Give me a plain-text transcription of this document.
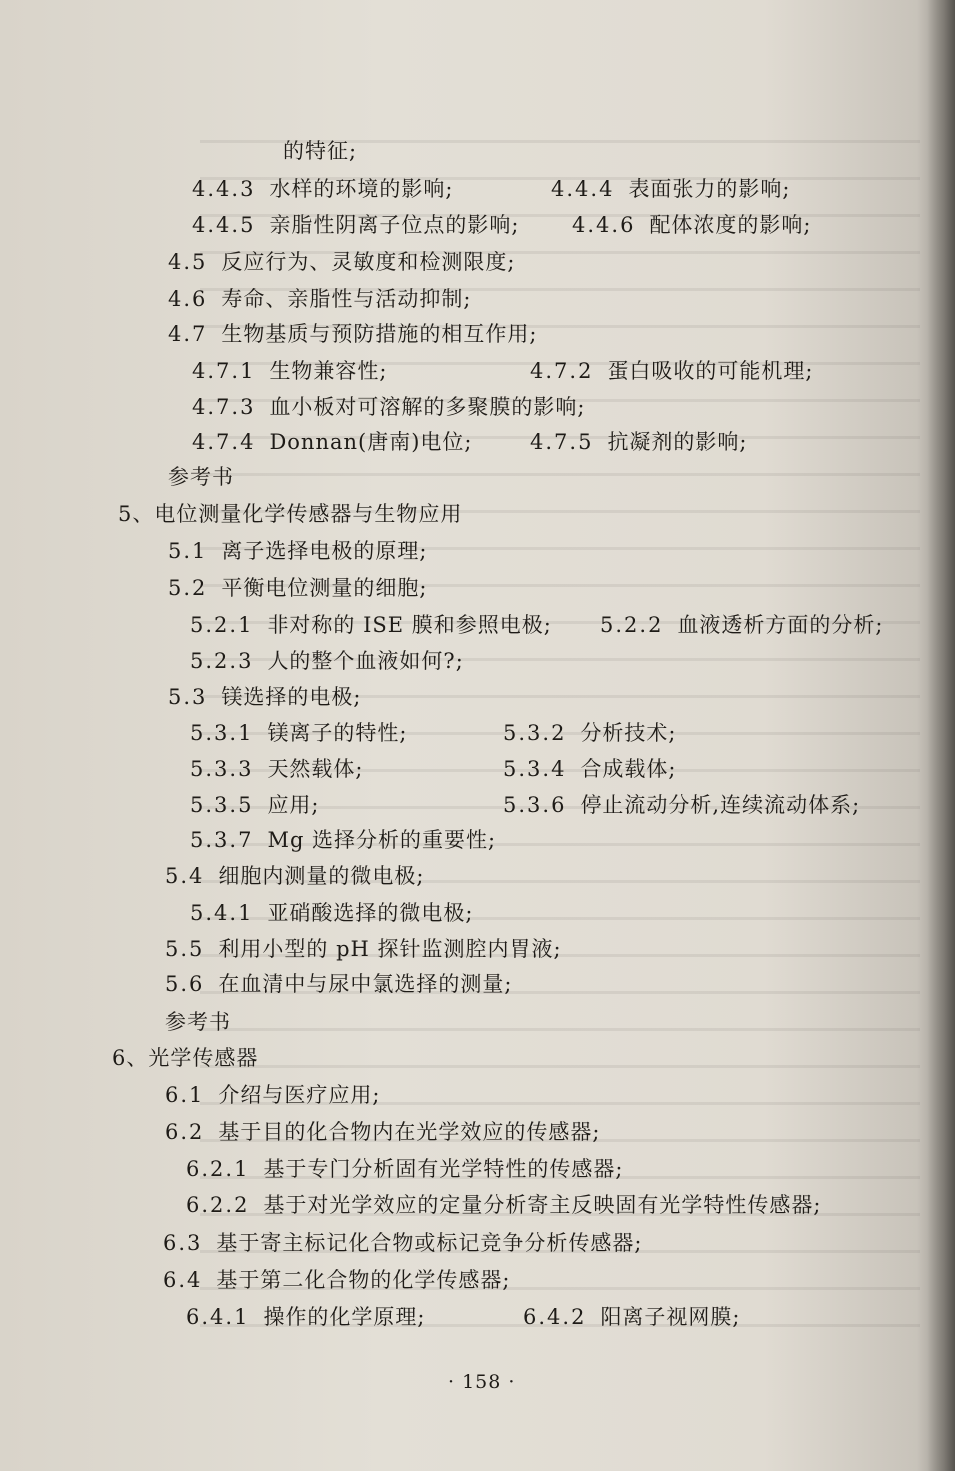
的特征;
4.4.3 水样的环境的影响;	4.4.4 表面张力的影响;
4.4.5 亲脂性阴离子位点的影响; 4.4.6 配体浓度的影响;
4.5 反应行为、灵敏度和检测限度;
4.6 寿命、亲脂性与活动抑制;
4.7 生物基质与预防措施的相互作用;
4.7.1 生物兼容性;	4.7.2 蛋白吸收的可能机理;
4.7.3 血小板对可溶解的多聚膜的影响;
4.7.4 Donnan(唐南)电位;	4.7.5 抗凝剂的影响;
参考书
5、电位测量化学传感器与生物应用
5.1 离子选择电极的原理;
5.2 平衡电位测量的细胞;
5.2.1 非对称的 ISE 膜和参照电极; 5.2.2 血液透析方面的分析;
5.2.3 人的整个血液如何?;
5.3 镁选择的电极;
5.3.1 镁离子的特性;	5.3.2 分析技术;
5.3.3 天然载体;	5.3.4 合成载体;
5.3.5 应用;	5.3.6 停止流动分析,连续流动体系;
5.3.7 Mg 选择分析的重要性;
5.4 细胞内测量的微电极;
5.4.1 亚硝酸选择的微电极;
5.5 利用小型的 pH 探针监测腔内胃液;
5.6 在血清中与尿中氯选择的测量;
参考书
6、光学传感器
6.1 介绍与医疗应用;
6.2 基于目的化合物内在光学效应的传感器;
6.2.1 基于专门分析固有光学特性的传感器;
6.2.2 基于对光学效应的定量分析寄主反映固有光学特性传感器;
6.3 基于寄主标记化合物或标记竞争分析传感器;
6.4 基于第二化合物的化学传感器;
6.4.1 操作的化学原理;	6.4.2 阳离子视网膜;
· 158 ·
